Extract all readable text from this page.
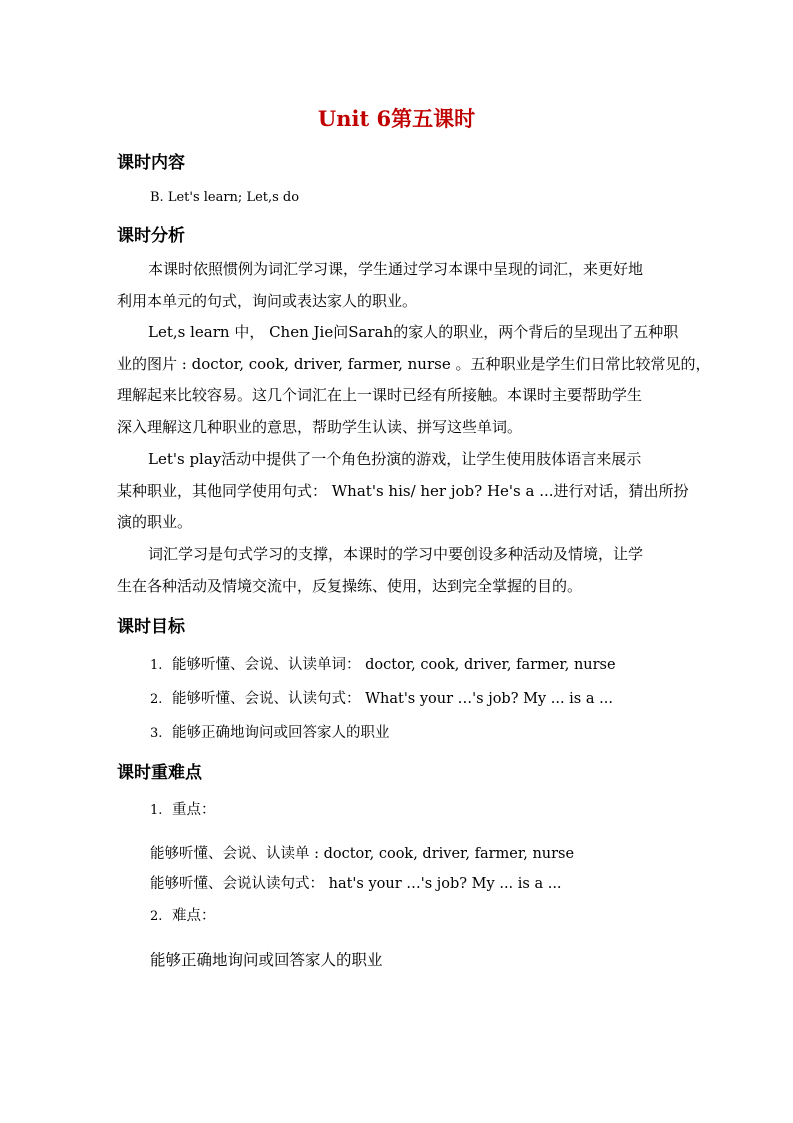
Unit 6第五课时
课时内容
B. Let's learn; Let,s do
课时分析
本课时依照惯例为词汇学习课，学生通过学习本课中呈现的词汇，来更好地
利用本单元的句式，询问或表达家人的职业。
Let,s learn 中， Chen Jie问Sarah的家人的职业，两个背后的呈现出了五种职
业的图片 : doctor, cook, driver, farmer, nurse 。五种职业是学生们日常比较常见的，
理解起来比较容易。这几个词汇在上一课时已经有所接触。本课时主要帮助学生
深入理解这几种职业的意思，帮助学生认读、拼写这些单词。
Let's play活动中提供了一个角色扮演的游戏，让学生使用肢体语言来展示
某种职业，其他同学使用句式： What's his/ her job? He's a ...进行对话，猜出所扮
演的职业。
词汇学习是句式学习的支撑，本课时的学习中要创设多种活动及情境，让学
生在各种活动及情境交流中，反复操练、使用，达到完全掌握的目的。
课时目标
1. 能够听懂、会说、认读单词： doctor, cook, driver, farmer, nurse
2. 能够听懂、会说、认读句式： What's your …'s job? My ... is a ...
3. 能够正确地询问或回答家人的职业
课时重难点
1. 重点：
能够听懂、会说、认读单 : doctor, cook, driver, farmer, nurse
能够听懂、会说认读句式： hat's your …'s job? My ... is a ...
2. 难点：
能够正确地询问或回答家人的职业
